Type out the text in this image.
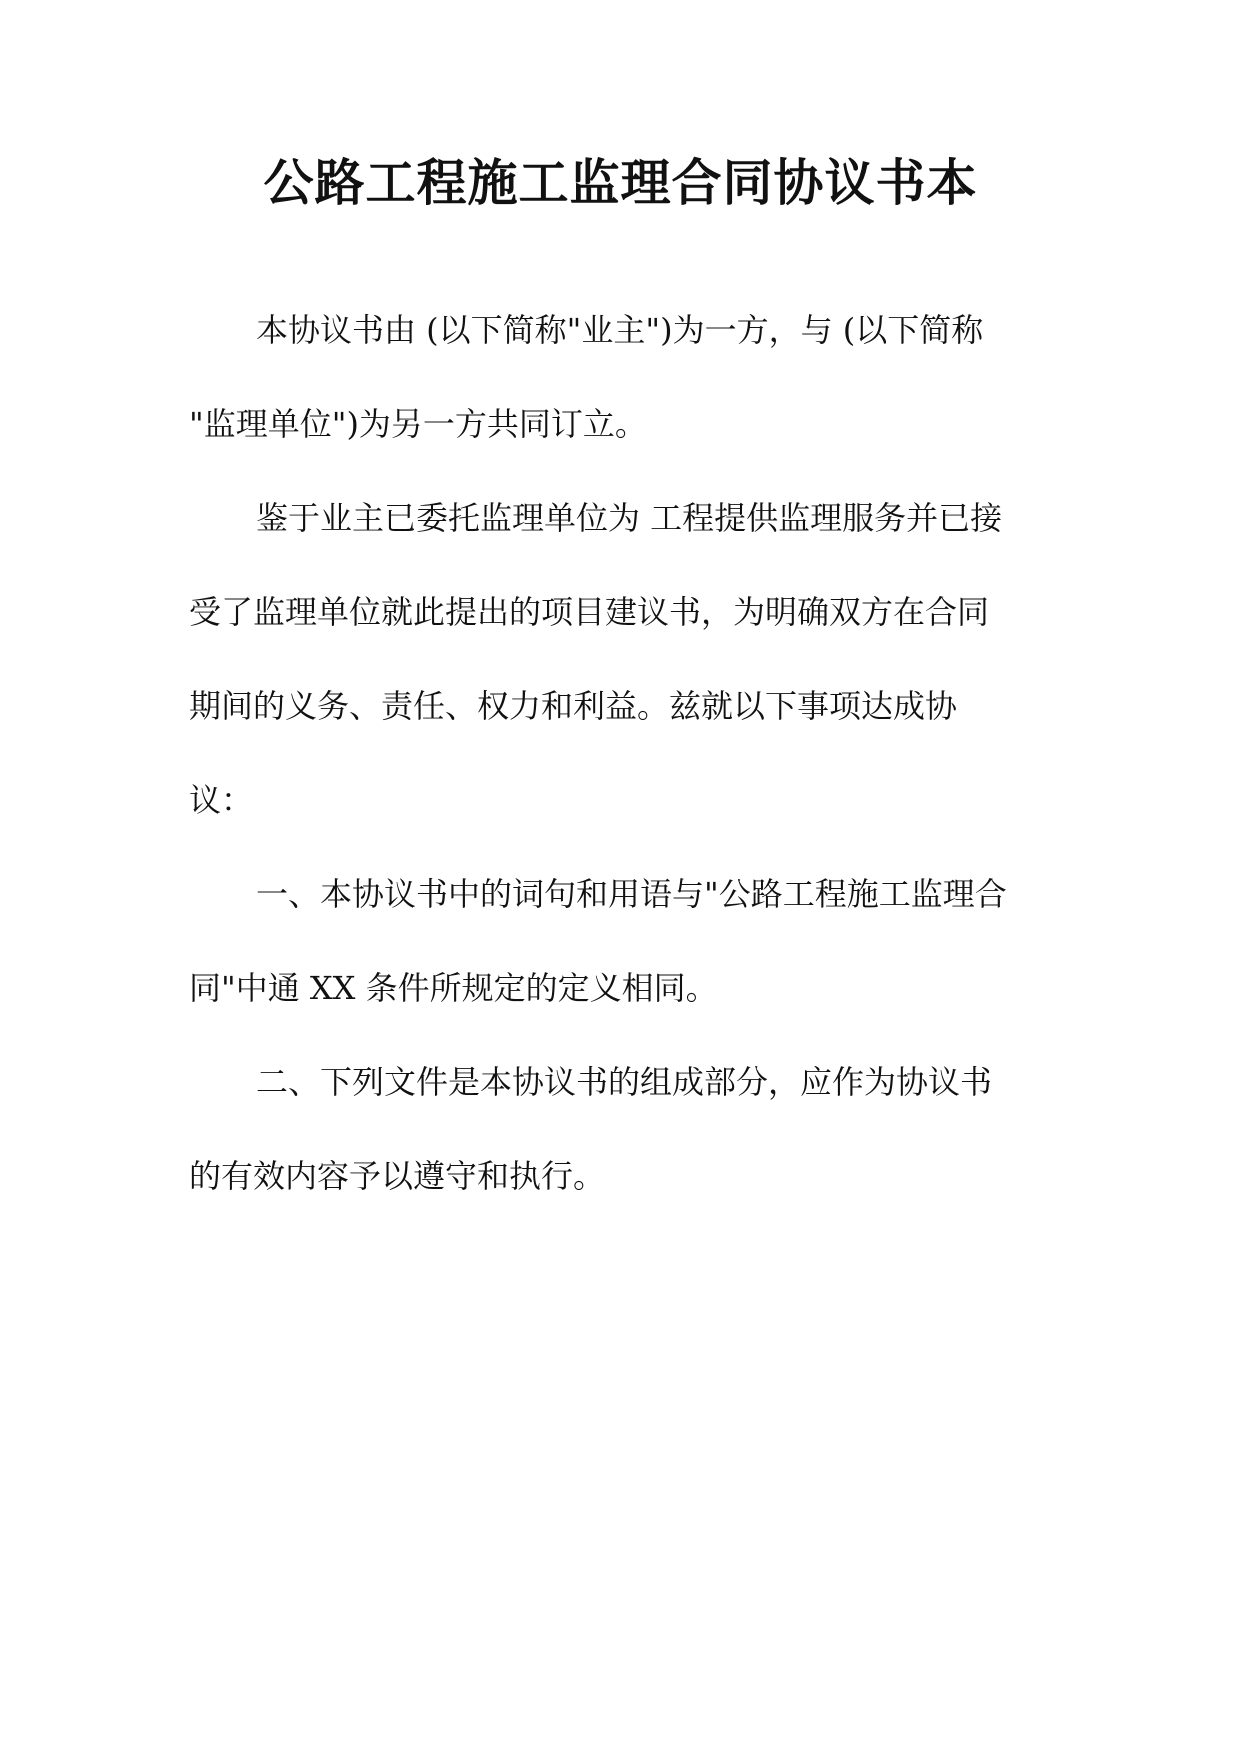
公路工程施工监理合同协议书本

本协议书由 (以下简称"业主")为一方，与 (以下简称

"监理单位")为另一方共同订立。

鉴于业主已委托监理单位为 工程提供监理服务并已接

受了监理单位就此提出的项目建议书，为明确双方在合同

期间的义务、责任、权力和利益。兹就以下事项达成协

议：

一、本协议书中的词句和用语与"公路工程施工监理合

同"中通 XX 条件所规定的定义相同。

二、下列文件是本协议书的组成部分，应作为协议书

的有效内容予以遵守和执行。
